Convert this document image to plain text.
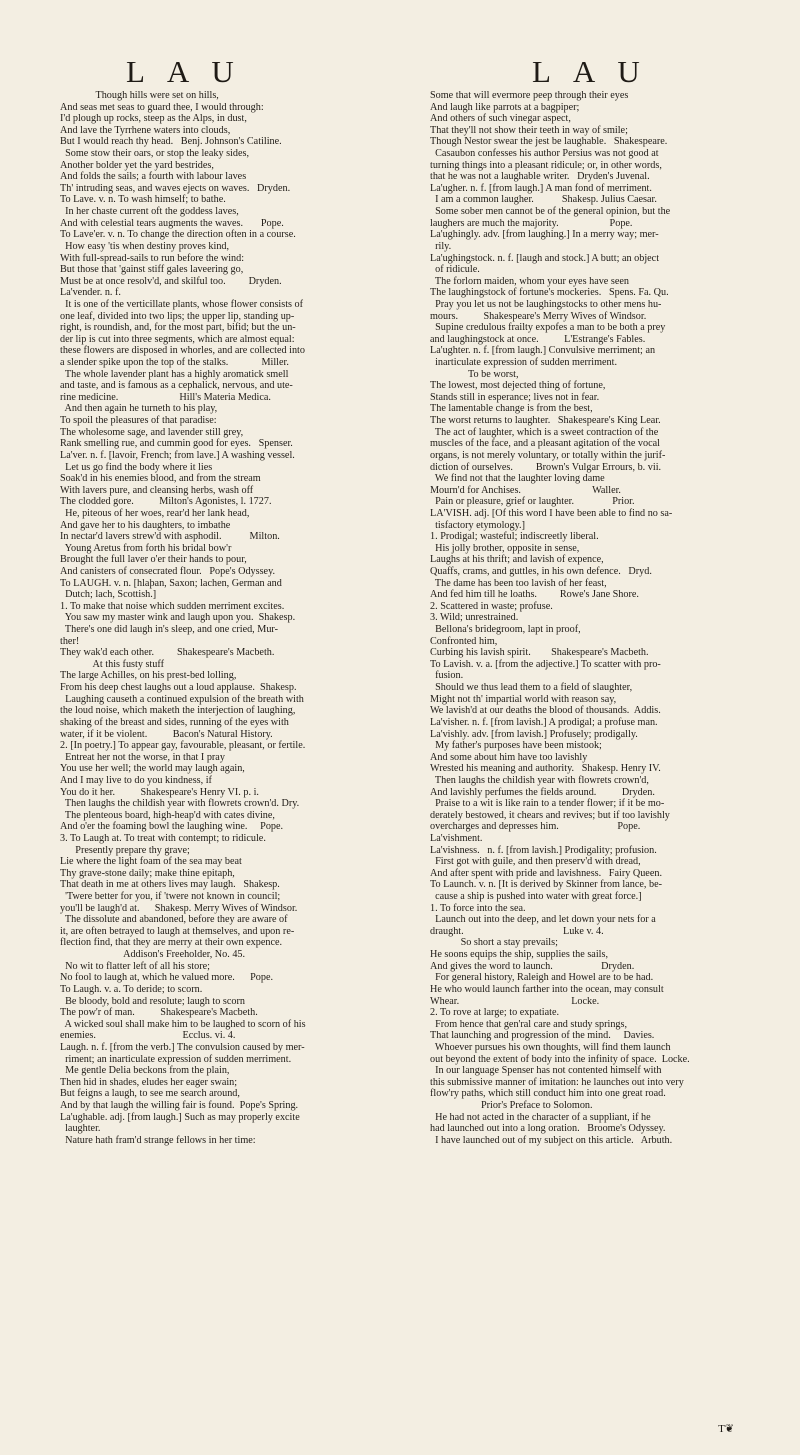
LAU	LAU
Though hills were set on hills,
And seas met seas to guard thee, I would through:
I'd plough up rocks, steep as the Alps, in dust,
And lave the Tyrrhene waters into clouds,
But I would reach thy head.   Benj. Johnson's Catiline.
Some stow their oars, or stop the leaky sides,
Another bolder yet the yard bestrides,
And folds the sails; a fourth with labour laves
Th' intruding seas, and waves ejects on waves.   Dryden.
To Lave. v. n. To wash himself; to bathe.
In her chaste current oft the goddess laves,
And with celestial tears augments the waves.       Pope.
To Lave'er. v. n. To change the direction often in a course.
How easy 'tis when destiny proves kind,
With full-spread-sails to run before the wind:
But those that 'gainst stiff gales laveering go,
Must be at once resolv'd, and skilful too.         Dryden.
La'vender. n. f.
It is one of the verticillate plants, whose flower consists of
one leaf, divided into two lips; the upper lip, standing up-
right, is roundish, and, for the most part, bifid; but the un-
der lip is cut into three segments, which are almost equal:
these flowers are disposed in whorles, and are collected into
a slender spike upon the top of the stalks.             Miller.
The whole lavender plant has a highly aromatick smell
and taste, and is famous as a cephalick, nervous, and ute-
rine medicine.                        Hill's Materia Medica.
And then again he turneth to his play,
To spoil the pleasures of that paradise:
The wholesome sage, and lavender still grey,
Rank smelling rue, and cummin good for eyes.   Spenser.
La'ver. n. f. [lavoir, French; from lave.] A washing vessel.
Let us go find the body where it lies
Soak'd in his enemies blood, and from the stream
With lavers pure, and cleansing herbs, wash off
The clodded gore.          Milton's Agonistes, l. 1727.
He, piteous of her woes, rear'd her lank head,
And gave her to his daughters, to imbathe
In nectar'd lavers strew'd with asphodil.           Milton.
Young Aretus from forth his bridal bow'r
Brought the full laver o'er their hands to pour,
And canisters of consecrated flour.   Pope's Odyssey.
To LAUGH. v. n. [hlaþan, Saxon; lachen, German and
Dutch; lach, Scottish.]
1. To make that noise which sudden merriment excites.
You saw my master wink and laugh upon you.  Shakesp.
There's one did laugh in's sleep, and one cried, Mur-
ther!
They wak'd each other.         Shakespeare's Macbeth.
At this fusty stuff
The large Achilles, on his prest-bed lolling,
From his deep chest laughs out a loud applause.  Shakesp.
Laughing causeth a continued expulsion of the breath with
the loud noise, which maketh the interjection of laughing,
shaking of the breast and sides, running of the eyes with
water, if it be violent.          Bacon's Natural History.
2. [In poetry.] To appear gay, favourable, pleasant, or fertile.
Entreat her not the worse, in that I pray
You use her well; the world may laugh again,
And I may live to do you kindness, if
You do it her.          Shakespeare's Henry VI. p. i.
Then laughs the childish year with flowrets crown'd. Dry.
The plenteous board, high-heap'd with cates divine,
And o'er the foaming bowl the laughing wine.     Pope.
3. To Laugh at. To treat with contempt; to ridicule.
Presently prepare thy grave;
Lie where the light foam of the sea may beat
Thy grave-stone daily; make thine epitaph,
That death in me at others lives may laugh.   Shakesp.
'Twere better for you, if 'twere not known in council;
you'll be laugh'd at.      Shakesp. Merry Wives of Windsor.
The dissolute and abandoned, before they are aware of
it, are often betrayed to laugh at themselves, and upon re-
flection find, that they are merry at their own expence.
Addison's Freeholder, No. 45.
No wit to flatter left of all his store;
No fool to laugh at, which he valued more.      Pope.
To Laugh. v. a. To deride; to scorn.
Be bloody, bold and resolute; laugh to scorn
The pow'r of man.          Shakespeare's Macbeth.
A wicked soul shall make him to be laughed to scorn of his
enemies.                                  Ecclus. vi. 4.
Laugh. n. f. [from the verb.] The convulsion caused by mer-
riment; an inarticulate expression of sudden merriment.
Me gentle Delia beckons from the plain,
Then hid in shades, eludes her eager swain;
But feigns a laugh, to see me search around,
And by that laugh the willing fair is found.  Pope's Spring.
La'ughable. adj. [from laugh.] Such as may properly excite
laughter.
Nature hath fram'd strange fellows in her time:
Some that will evermore peep through their eyes
And laugh like parrots at a bagpiper;
And others of such vinegar aspect,
That they'll not show their teeth in way of smile;
Though Nestor swear the jest be laughable.   Shakespeare.
Casaubon confesses his author Persius was not good at
turning things into a pleasant ridicule; or, in other words,
that he was not a laughable writer.   Dryden's Juvenal.
La'ugher. n. f. [from laugh.] A man fond of merriment.
I am a common laugher.           Shakesp. Julius Caesar.
Some sober men cannot be of the general opinion, but the
laughers are much the majority.                    Pope.
La'ughingly. adv. [from laughing.] In a merry way; mer-
rily.
La'ughingstock. n. f. [laugh and stock.] A butt; an object
of ridicule.
The forlorn maiden, whom your eyes have seen
The laughingstock of fortune's mockeries.   Spens. Fa. Qu.
Pray you let us not be laughingstocks to other mens hu-
mours.          Shakespeare's Merry Wives of Windsor.
Supine credulous frailty expofes a man to be both a prey
and laughingstock at once.          L'Estrange's Fables.
La'ughter. n. f. [from laugh.] Convulsive merriment; an
inarticulate expression of sudden merriment.
To be worst,
The lowest, most dejected thing of fortune,
Stands still in esperance; lives not in fear.
The lamentable change is from the best,
The worst returns to laughter.   Shakespeare's King Lear.
The act of laughter, which is a sweet contraction of the
muscles of the face, and a pleasant agitation of the vocal
organs, is not merely voluntary, or totally within the jurif-
diction of ourselves.         Brown's Vulgar Errours, b. vii.
We find not that the laughter loving dame
Mourn'd for Anchises.                            Waller.
Pain or pleasure, grief or laughter.               Prior.
LA'VISH. adj. [Of this word I have been able to find no sa-
tisfactory etymology.]
1. Prodigal; wasteful; indiscreetly liberal.
His jolly brother, opposite in sense,
Laughs at his thrift; and lavish of expence,
Quaffs, crams, and guttles, in his own defence.   Dryd.
The dame has been too lavish of her feast,
And fed him till he loaths.         Rowe's Jane Shore.
2. Scattered in waste; profuse.
3. Wild; unrestrained.
Bellona's bridegroom, lapt in proof,
Confronted him,
Curbing his lavish spirit.        Shakespeare's Macbeth.
To Lavish. v. a. [from the adjective.] To scatter with pro-
fusion.
Should we thus lead them to a field of slaughter,
Might not th' impartial world with reason say,
We lavish'd at our deaths the blood of thousands.  Addis.
La'visher. n. f. [from lavish.] A prodigal; a profuse man.
La'vishly. adv. [from lavish.] Profusely; prodigally.
My father's purposes have been mistook;
And some about him have too lavishly
Wrested his meaning and authority.   Shakesp. Henry IV.
Then laughs the childish year with flowrets crown'd,
And lavishly perfumes the fields around.          Dryden.
Praise to a wit is like rain to a tender flower; if it be mo-
derately bestowed, it chears and revives; but if too lavishly
overcharges and depresses him.                       Pope.
La'vishment.
La'vishness.   n. f. [from lavish.] Prodigality; profusion.
First got with guile, and then preserv'd with dread,
And after spent with pride and lavishness.   Fairy Queen.
To Launch. v. n. [It is derived by Skinner from lance, be-
cause a ship is pushed into water with great force.]
1. To force into the sea.
Launch out into the deep, and let down your nets for a
draught.                                       Luke v. 4.
So short a stay prevails;
He soons equips the ship, supplies the sails,
And gives the word to launch.                   Dryden.
For general history, Raleigh and Howel are to be had.
He who would launch farther into the ocean, may consult
Whear.                                            Locke.
2. To rove at large; to expatiate.
From hence that gen'ral care and study springs,
That launching and progression of the mind.     Davies.
Whoever pursues his own thoughts, will find them launch
out beyond the extent of body into the infinity of space.  Locke.
In our language Spenser has not contented himself with
this submissive manner of imitation: he launches out into very
flow'ry paths, which still conduct him into one great road.
Prior's Preface to Solomon.
He had not acted in the character of a suppliant, if he
had launched out into a long oration.   Broome's Odyssey.
I have launched out of my subject on this article.   Arbuth.
T❦
